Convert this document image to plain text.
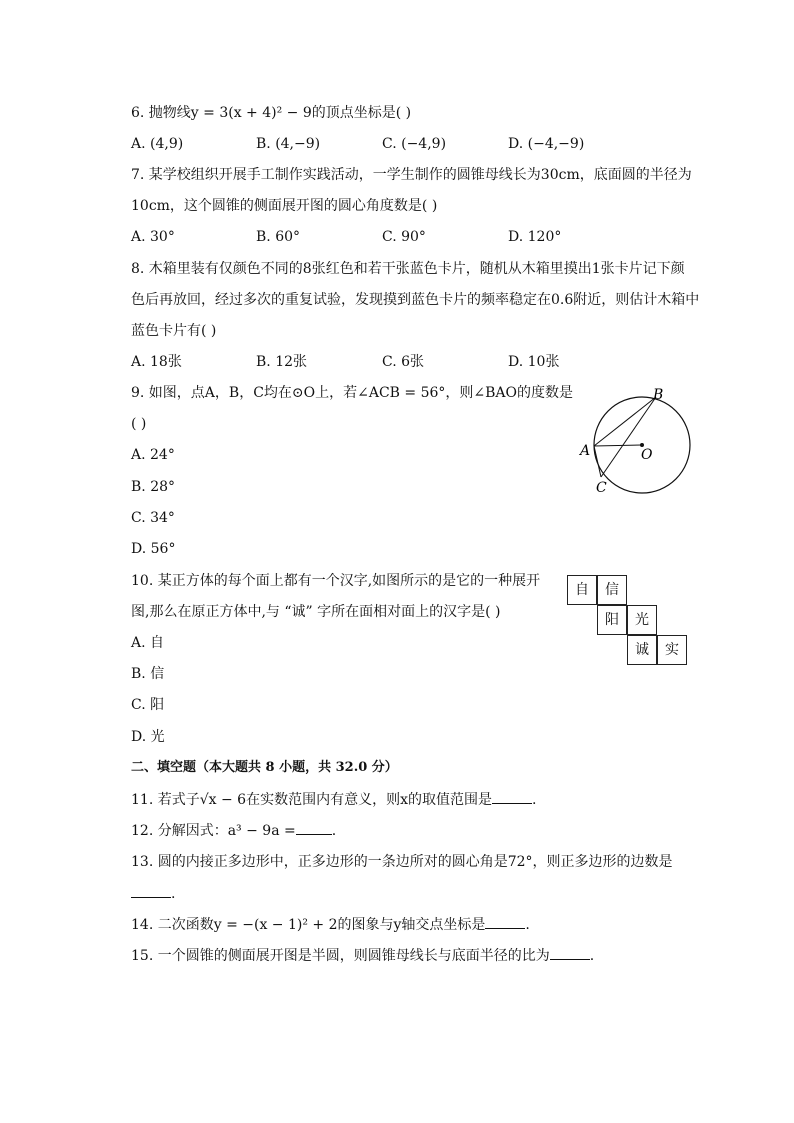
6. 抛物线y = 3(x + 4)² − 9的顶点坐标是( )
A. (4,9)	B. (4,−9)	C. (−4,9)	D. (−4,−9)
7. 某学校组织开展手工制作实践活动，一学生制作的圆锥母线长为30cm，底面圆的半径为
10cm，这个圆锥的侧面展开图的圆心角度数是( )
A. 30°	B. 60°	C. 90°	D. 120°
8. 木箱里装有仅颜色不同的8张红色和若干张蓝色卡片，随机从木箱里摸出1张卡片记下颜
色后再放回，经过多次的重复试验，发现摸到蓝色卡片的频率稳定在0.6附近，则估计木箱中
蓝色卡片有( )
A. 18张	B. 12张	C. 6张	D. 10张
9. 如图，点A，B，C均在⊙O上，若∠ACB = 56°，则∠BAO的度数是
( )
A. 24°
B. 28°
C. 34°
D. 56°
B
A	O
C
10. 某正方体的每个面上都有一个汉字,如图所示的是它的一种展开
图,那么在原正方体中,与 “诚” 字所在面相对面上的汉字是( )
A. 自
B. 信
C. 阳
D. 光
自	信
阳	光
诚	实
二、填空题（本大题共 8 小题，共 32.0 分）
11. 若式子√x − 6在实数范围内有意义，则x的取值范围是	.
12. 分解因式：a³ − 9a =	.
13. 圆的内接正多边形中，正多边形的一条边所对的圆心角是72°，则正多边形的边数是
.
14. 二次函数y = −(x − 1)² + 2的图象与y轴交点坐标是	.
15. 一个圆锥的侧面展开图是半圆，则圆锥母线长与底面半径的比为	.
